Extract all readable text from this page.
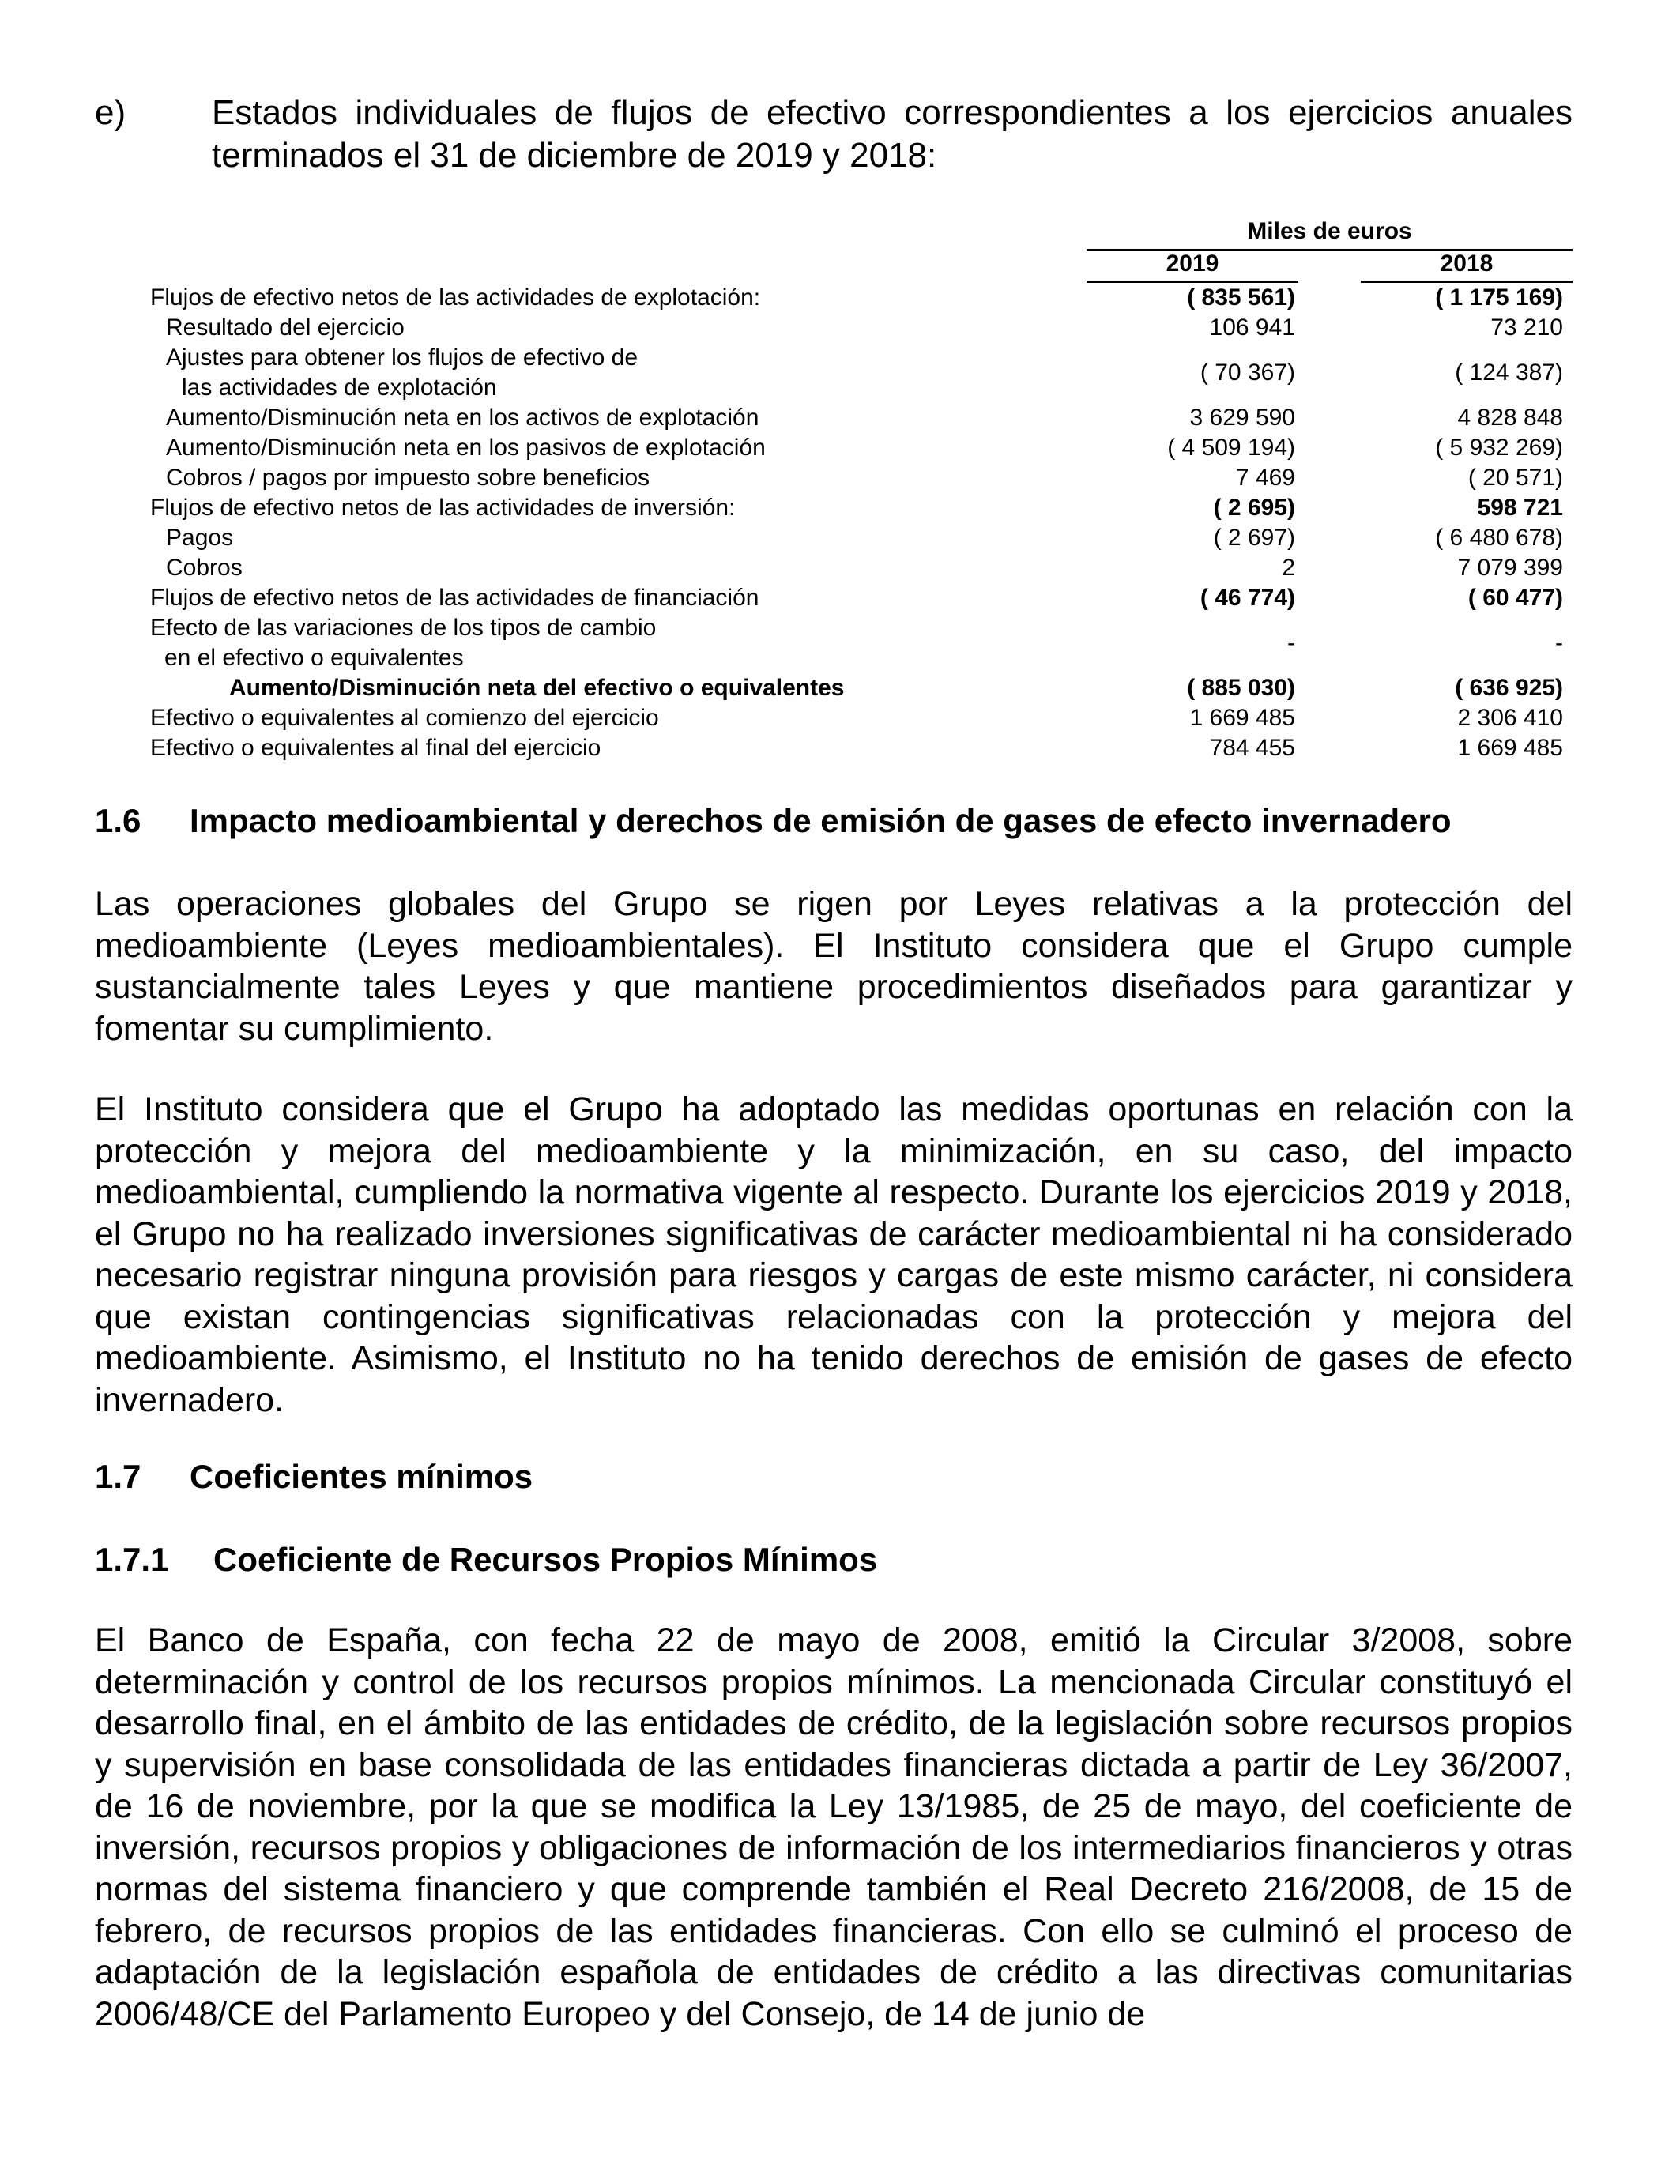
e) Estados individuales de flujos de efectivo correspondientes a los ejercicios anuales terminados el 31 de diciembre de 2019 y 2018:
Miles de euros
2019	2018
Flujos de efectivo netos de las actividades de explotación:	( 835 561)	( 1 175 169)
Resultado del ejercicio	106 941	73 210
Ajustes para obtener los flujos de efectivo de
las actividades de explotación
( 70 367)	( 124 387)
Aumento/Disminución neta en los activos de explotación	3 629 590	4 828 848
Aumento/Disminución neta en los pasivos de explotación	( 4 509 194)	( 5 932 269)
Cobros / pagos por impuesto sobre beneficios	7 469	( 20 571)
Flujos de efectivo netos de las actividades de inversión:	( 2 695)	598 721
Pagos	( 2 697)	( 6 480 678)
Cobros	2	7 079 399
Flujos de efectivo netos de las actividades de financiación	( 46 774)	( 60 477)
Efecto de las variaciones de los tipos de cambio
en el efectivo o equivalentes
-	-
Aumento/Disminución neta del efectivo o equivalentes	( 885 030)	( 636 925)
Efectivo o equivalentes al comienzo del ejercicio	1 669 485	2 306 410
Efectivo o equivalentes al final del ejercicio	784 455	1 669 485
1.6 Impacto medioambiental y derechos de emisión de gases de efecto invernadero
Las operaciones globales del Grupo se rigen por Leyes relativas a la protección del medioambiente (Leyes medioambientales). El Instituto considera que el Grupo cumple sustancialmente tales Leyes y que mantiene procedimientos diseñados para garantizar y fomentar su cumplimiento.
El Instituto considera que el Grupo ha adoptado las medidas oportunas en relación con la protección y mejora del medioambiente y la minimización, en su caso, del impacto medioambiental, cumpliendo la normativa vigente al respecto. Durante los ejercicios 2019 y 2018, el Grupo no ha realizado inversiones significativas de carácter medioambiental ni ha considerado necesario registrar ninguna provisión para riesgos y cargas de este mismo carácter, ni considera que existan contingencias significativas relacionadas con la protección y mejora del medioambiente. Asimismo, el Instituto no ha tenido derechos de emisión de gases de efecto invernadero.
1.7 Coeficientes mínimos
1.7.1 Coeficiente de Recursos Propios Mínimos
El Banco de España, con fecha 22 de mayo de 2008, emitió la Circular 3/2008, sobre determinación y control de los recursos propios mínimos. La mencionada Circular constituyó el desarrollo final, en el ámbito de las entidades de crédito, de la legislación sobre recursos propios y supervisión en base consolidada de las entidades financieras dictada a partir de Ley 36/2007, de 16 de noviembre, por la que se modifica la Ley 13/1985, de 25 de mayo, del coeficiente de inversión, recursos propios y obligaciones de información de los intermediarios financieros y otras normas del sistema financiero y que comprende también el Real Decreto 216/2008, de 15 de febrero, de recursos propios de las entidades financieras. Con ello se culminó el proceso de adaptación de la legislación española de entidades de crédito a las directivas comunitarias 2006/48/CE del Parlamento Europeo y del Consejo, de 14 de junio de
